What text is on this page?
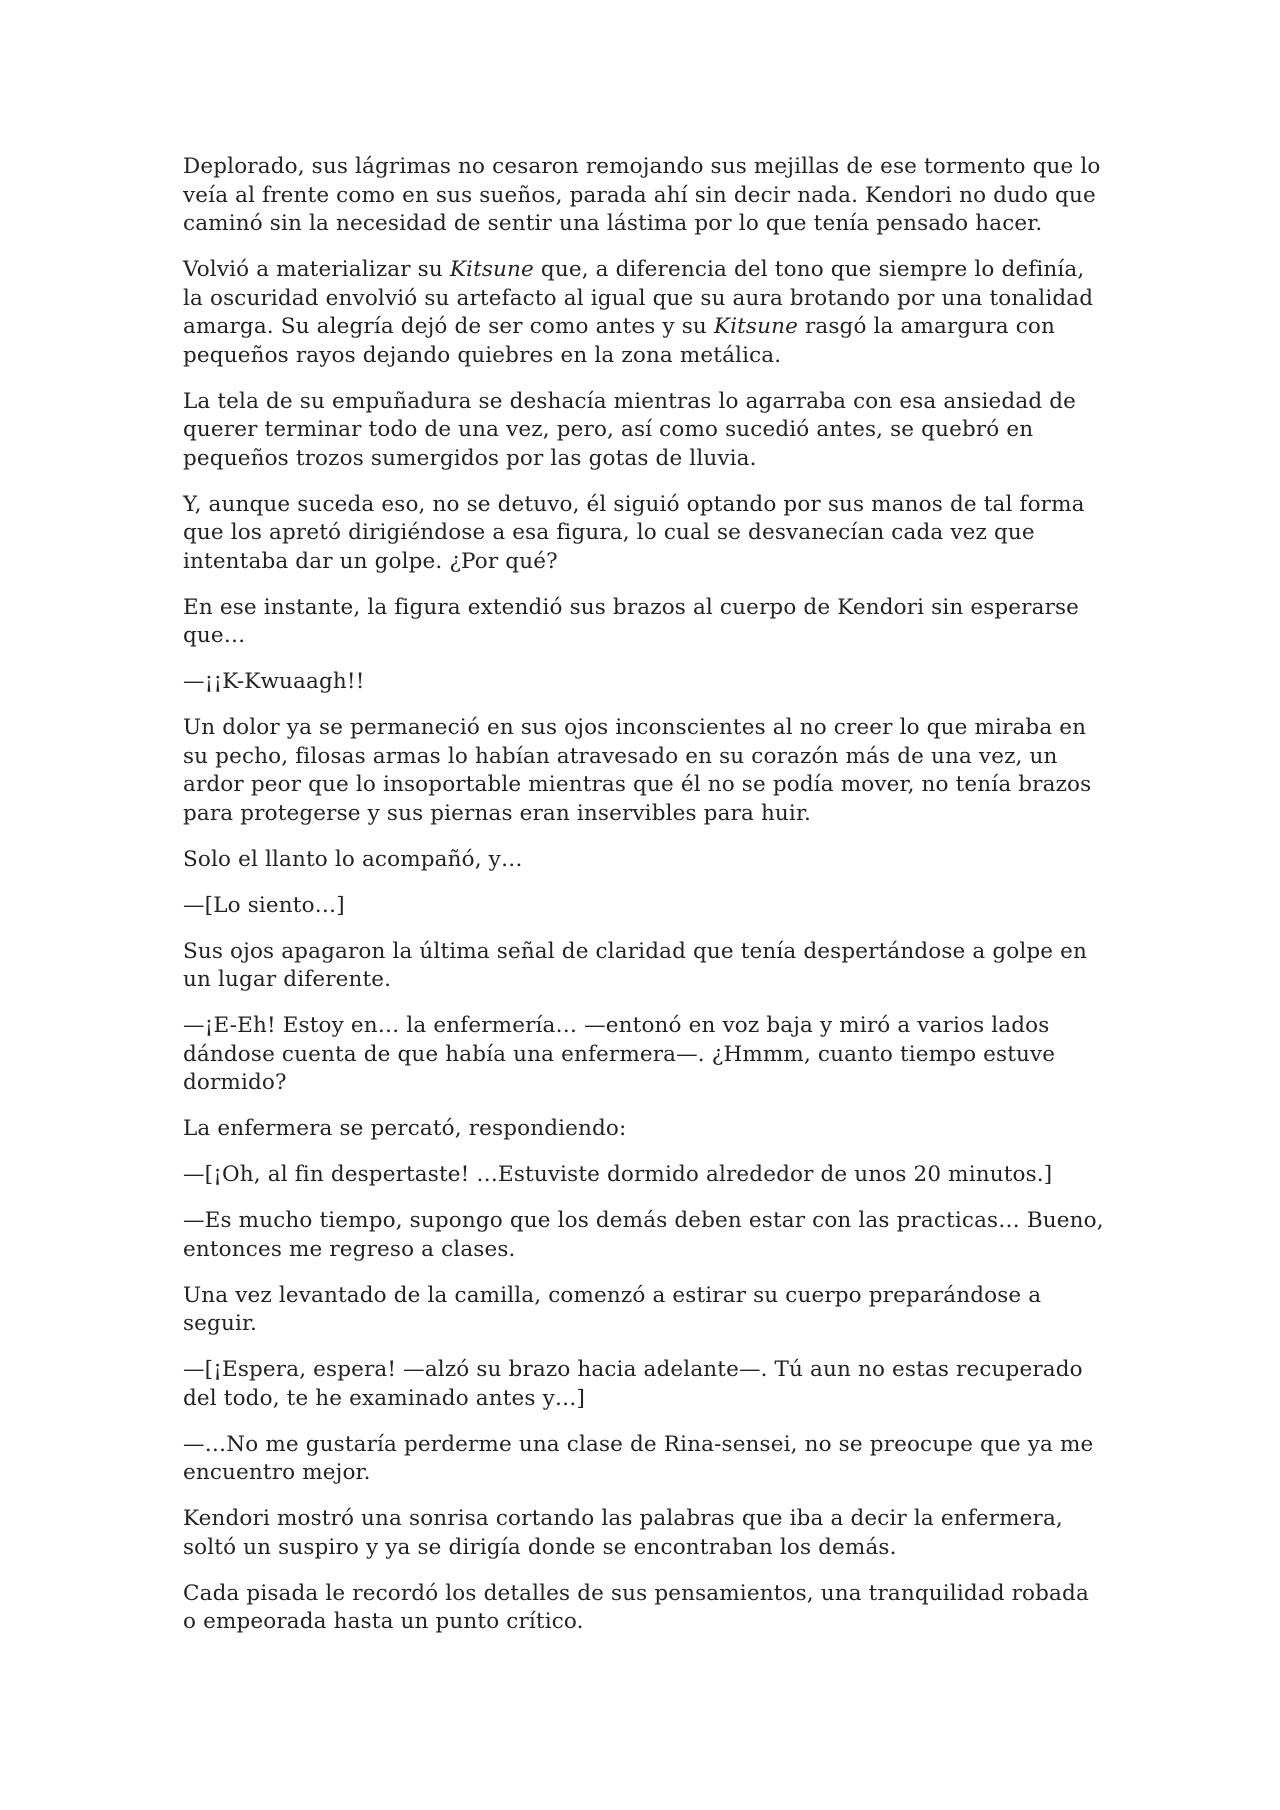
Deplorado, sus lágrimas no cesaron remojando sus mejillas de ese tormento que lo veía al frente como en sus sueños, parada ahí sin decir nada. Kendori no dudo que caminó sin la necesidad de sentir una lástima por lo que tenía pensado hacer.

Volvió a materializar su Kitsune que, a diferencia del tono que siempre lo definía, la oscuridad envolvió su artefacto al igual que su aura brotando por una tonalidad amarga. Su alegría dejó de ser como antes y su Kitsune rasgó la amargura con pequeños rayos dejando quiebres en la zona metálica.

La tela de su empuñadura se deshacía mientras lo agarraba con esa ansiedad de querer terminar todo de una vez, pero, así como sucedió antes, se quebró en pequeños trozos sumergidos por las gotas de lluvia.

Y, aunque suceda eso, no se detuvo, él siguió optando por sus manos de tal forma que los apretó dirigiéndose a esa figura, lo cual se desvanecían cada vez que intentaba dar un golpe. ¿Por qué?

En ese instante, la figura extendió sus brazos al cuerpo de Kendori sin esperarse que…

—¡¡K-Kwuaagh!!

Un dolor ya se permaneció en sus ojos inconscientes al no creer lo que miraba en su pecho, filosas armas lo habían atravesado en su corazón más de una vez, un ardor peor que lo insoportable mientras que él no se podía mover, no tenía brazos para protegerse y sus piernas eran inservibles para huir.

Solo el llanto lo acompañó, y…

—[Lo siento…]

Sus ojos apagaron la última señal de claridad que tenía despertándose a golpe en un lugar diferente.

—¡E-Eh! Estoy en… la enfermería… —entonó en voz baja y miró a varios lados dándose cuenta de que había una enfermera—. ¿Hmmm, cuanto tiempo estuve dormido?

La enfermera se percató, respondiendo:

—[¡Oh, al fin despertaste! …Estuviste dormido alrededor de unos 20 minutos.]

—Es mucho tiempo, supongo que los demás deben estar con las practicas… Bueno, entonces me regreso a clases.

Una vez levantado de la camilla, comenzó a estirar su cuerpo preparándose a seguir.

—[¡Espera, espera! —alzó su brazo hacia adelante—. Tú aun no estas recuperado del todo, te he examinado antes y…]

—…No me gustaría perderme una clase de Rina-sensei, no se preocupe que ya me encuentro mejor.

Kendori mostró una sonrisa cortando las palabras que iba a decir la enfermera, soltó un suspiro y ya se dirigía donde se encontraban los demás.

Cada pisada le recordó los detalles de sus pensamientos, una tranquilidad robada o empeorada hasta un punto crítico.
